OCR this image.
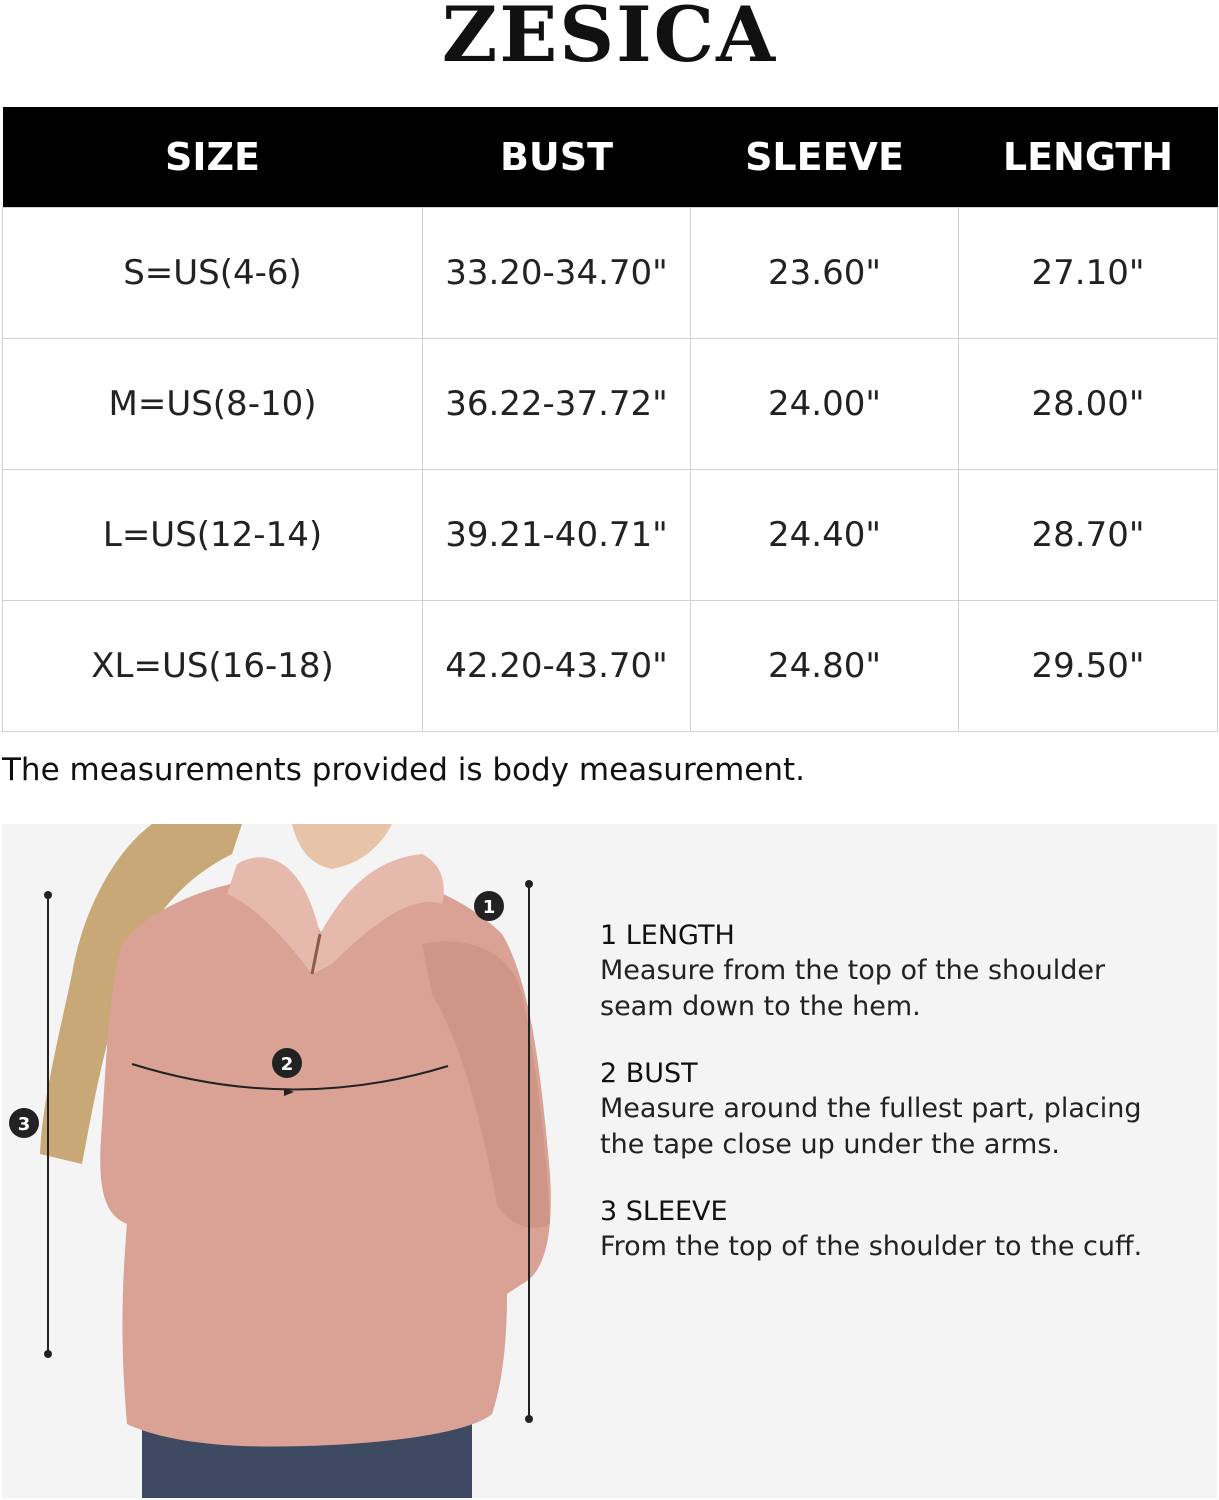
ZESICA
SIZE	BUST	SLEEVE	LENGTH
S=US(4-6)	33.20-34.70"	23.60"	27.10"
M=US(8-10)	36.22-37.72"	24.00"	28.00"
L=US(12-14)	39.21-40.71"	24.40"	28.70"
XL=US(16-18)	42.20-43.70"	24.80"	29.50"
The measurements provided is body measurement.
1
2
3
1 LENGTH
Measure from the top of the shoulder
seam down to the hem.
2 BUST
Measure around the fullest part, placing
the tape close up under the arms.
3 SLEEVE
From the top of the shoulder to the cuff.
